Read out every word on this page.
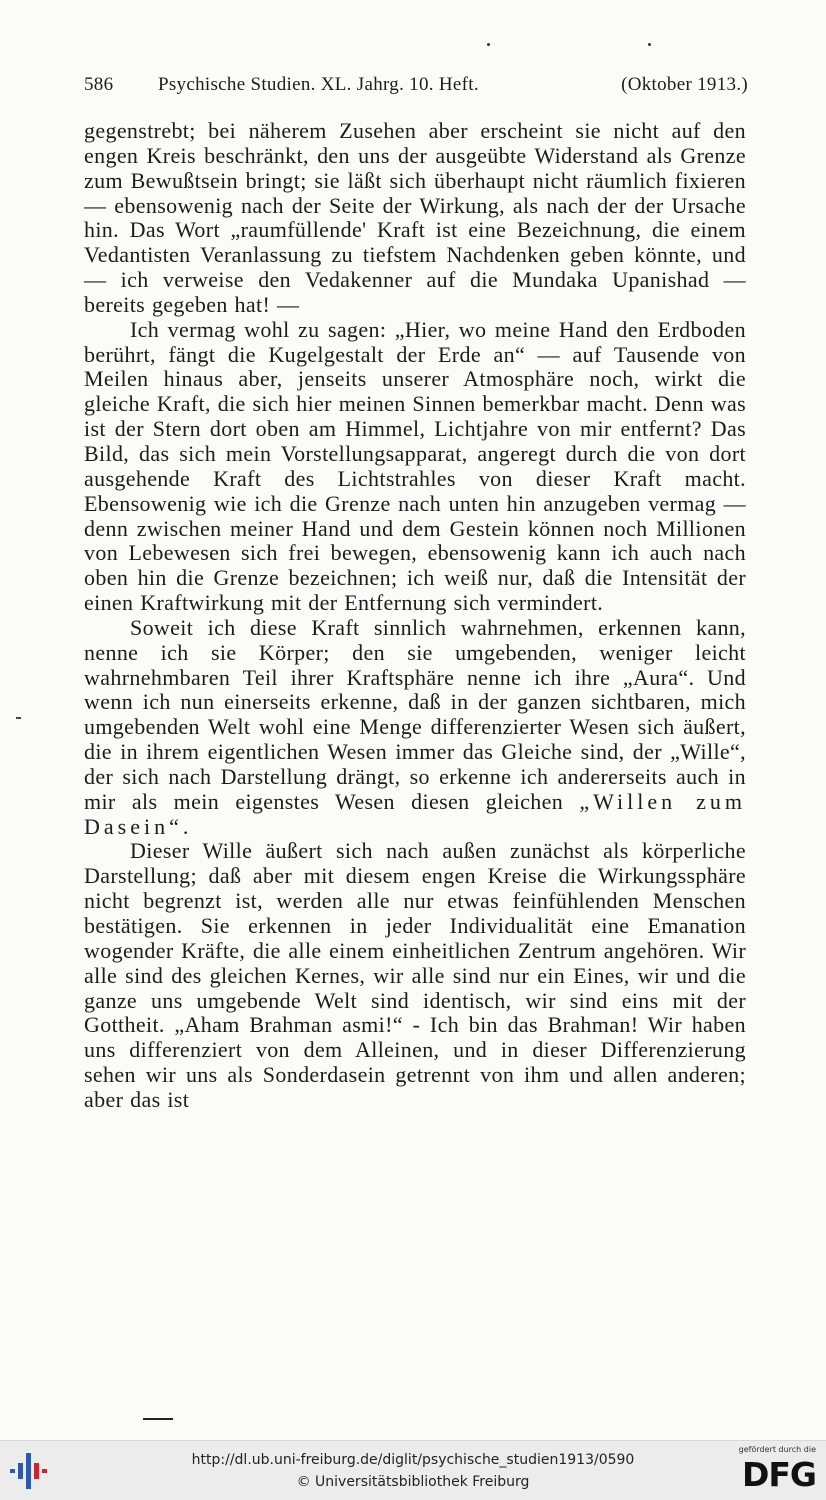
586 Psychische Studien. XL. Jahrg. 10. Heft.	(Oktober 1913.)

gegenstrebt; bei näherem Zusehen aber erscheint sie nicht auf den engen Kreis beschränkt, den uns der ausgeübte Widerstand als Grenze zum Bewußtsein bringt; sie läßt sich überhaupt nicht räumlich fixieren — ebensowenig nach der Seite der Wirkung, als nach der der Ursache hin. Das Wort „raumfüllende' Kraft ist eine Bezeichnung, die einem Vedantisten Veranlassung zu tiefstem Nachdenken geben könnte, und — ich verweise den Vedakenner auf die Mundaka Upanishad — bereits gegeben hat! —

Ich vermag wohl zu sagen: „Hier, wo meine Hand den Erdboden berührt, fängt die Kugelgestalt der Erde an“ — auf Tausende von Meilen hinaus aber, jenseits unserer Atmosphäre noch, wirkt die gleiche Kraft, die sich hier meinen Sinnen bemerkbar macht. Denn was ist der Stern dort oben am Himmel, Lichtjahre von mir entfernt? Das Bild, das sich mein Vorstellungsapparat, angeregt durch die von dort ausgehende Kraft des Lichtstrahles von dieser Kraft macht. Ebensowenig wie ich die Grenze nach unten hin anzugeben vermag — denn zwischen meiner Hand und dem Gestein können noch Millionen von Lebewesen sich frei bewegen, ebensowenig kann ich auch nach oben hin die Grenze bezeichnen; ich weiß nur, daß die Intensität der einen Kraftwirkung mit der Entfernung sich vermindert.

Soweit ich diese Kraft sinnlich wahrnehmen, erkennen kann, nenne ich sie Körper; den sie umgebenden, weniger leicht wahrnehmbaren Teil ihrer Kraftsphäre nenne ich ihre „Aura“. Und wenn ich nun einerseits erkenne, daß in der ganzen sichtbaren, mich umgebenden Welt wohl eine Menge differenzierter Wesen sich äußert, die in ihrem eigentlichen Wesen immer das Gleiche sind, der „Wille“, der sich nach Darstellung drängt, so erkenne ich andererseits auch in mir als mein eigenstes Wesen diesen gleichen „Willen zum Dasein“.

Dieser Wille äußert sich nach außen zunächst als körperliche Darstellung; daß aber mit diesem engen Kreise die Wirkungssphäre nicht begrenzt ist, werden alle nur etwas feinfühlenden Menschen bestätigen. Sie erkennen in jeder Individualität eine Emanation wogender Kräfte, die alle einem einheitlichen Zentrum angehören. Wir alle sind des gleichen Kernes, wir alle sind nur ein Eines, wir und die ganze uns umgebende Welt sind identisch, wir sind eins mit der Gottheit. „Aham Brahman asmi!“ - Ich bin das Brahman! Wir haben uns differenziert von dem Alleinen, und in dieser Differenzierung sehen wir uns als Sonderdasein getrennt von ihm und allen anderen; aber das ist

http://dl.ub.uni-freiburg.de/diglit/psychische_studien1913/0590
© Universitätsbibliothek Freiburg
gefördert durch die
DFG
